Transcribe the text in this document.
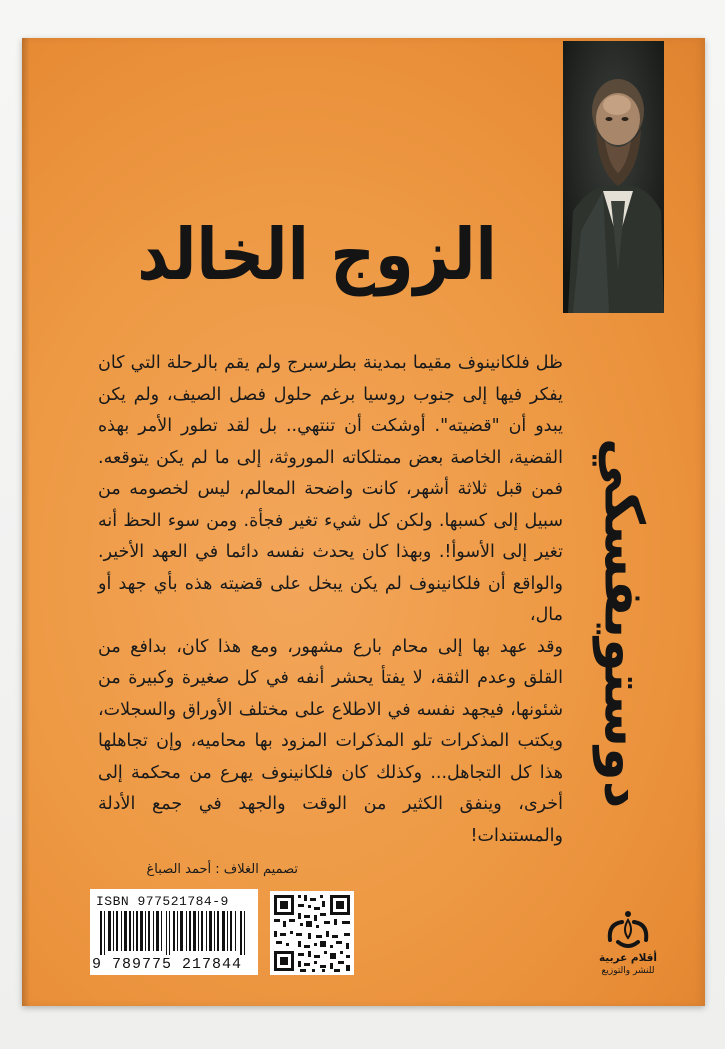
الزوج الخالد
دوستويفسكي

ظل فلكانينوف مقيما بمدينة بطرسبرج ولم يقم بالرحلة التي كان يفكر فيها إلى جنوب روسيا برغم حلول فصل الصيف، ولم يكن يبدو أن "قضيته". أوشكت أن تنتهي.. بل لقد تطور الأمر بهذه القضية، الخاصة بعض ممتلكاته الموروثة، إلى ما لم يكن يتوقعه. فمن قبل ثلاثة أشهر، كانت واضحة المعالم، ليس لخصومه من سبيل إلى كسبها. ولكن كل شيء تغير فجأة. ومن سوء الحظ أنه تغير إلى الأسوأ!. وبهذا كان يحدث نفسه دائما في العهد الأخير. والواقع أن فلكانينوف لم يكن يبخل على قضيته هذه بأي جهد أو مال،

وقد عهد بها إلى محام بارع مشهور، ومع هذا كان، بدافع من القلق وعدم الثقة، لا يفتأ يحشر أنفه في كل صغيرة وكبيرة من شئونها، فيجهد نفسه في الاطلاع على مختلف الأوراق والسجلات، ويكتب المذكرات تلو المذكرات المزود بها محاميه، وإن تجاهلها هذا كل التجاهل... وكذلك كان فلكانينوف يهرع من محكمة إلى أخرى، وينفق الكثير من الوقت والجهد في جمع الأدلة والمستندات!

تصميم الغلاف : أحمد الصباغ
ISBN 977521784-9
9 789775 217844	أقلام عربية
للنشر والتوزيع
